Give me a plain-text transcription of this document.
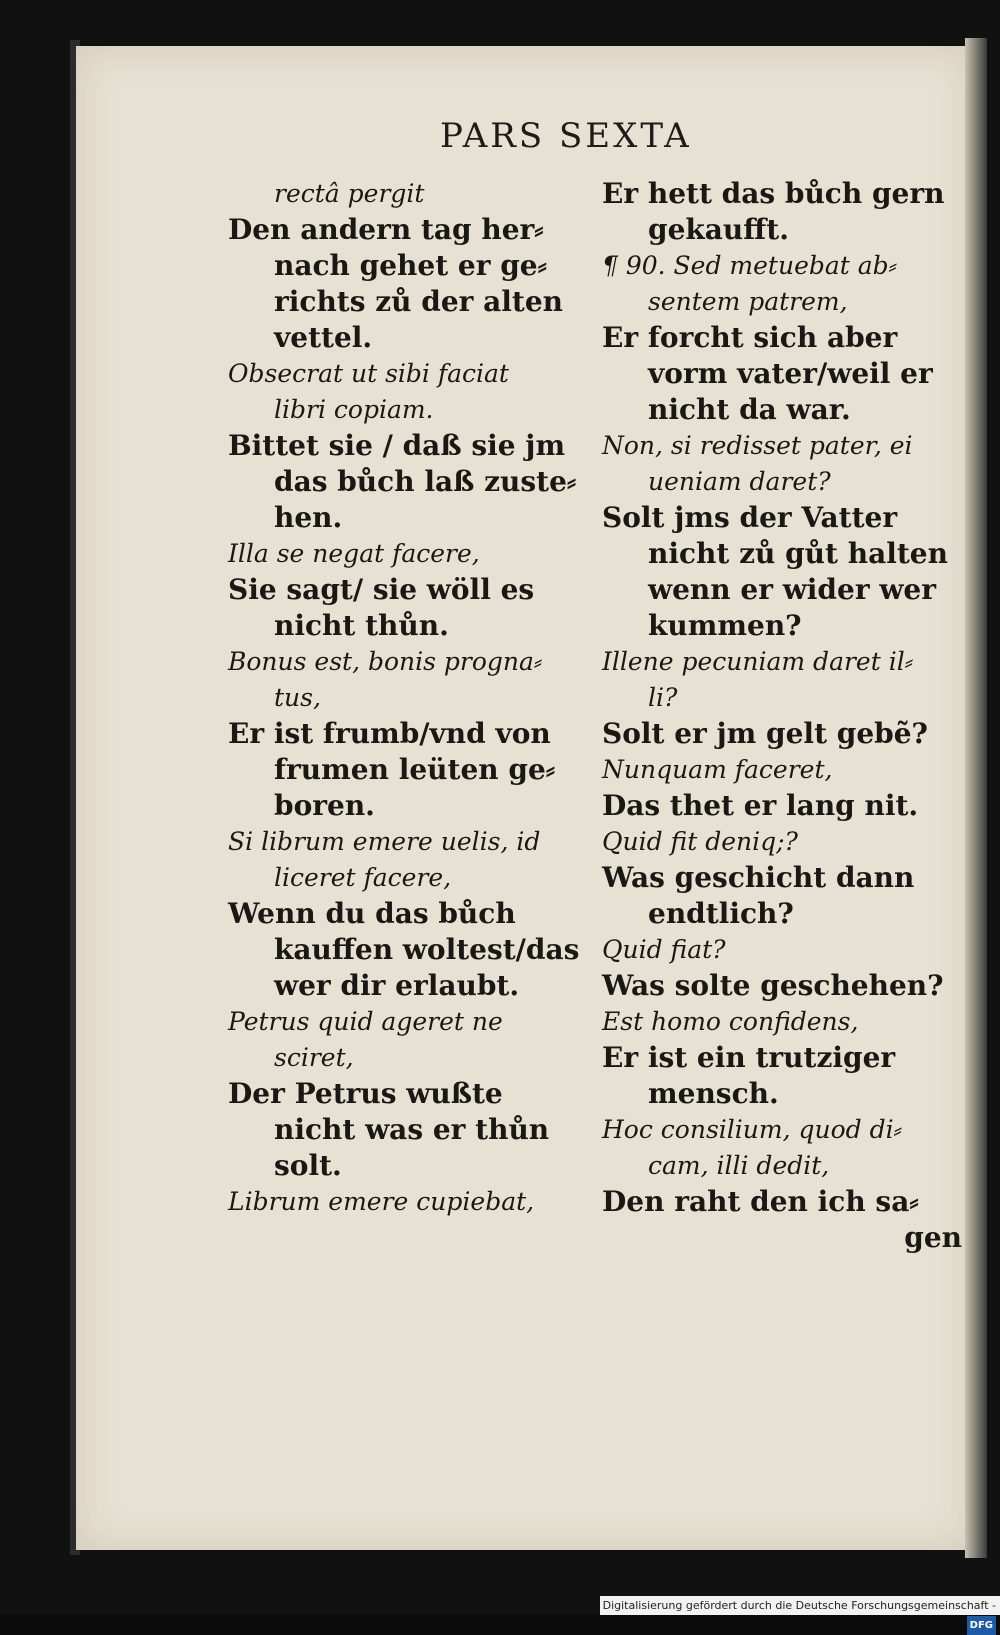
PARS SEXTA
rectâ pergit
Den andern tag her⸗
nach gehet er ge⸗
richts zů der alten
vettel.
Obsecrat ut sibi faciat
libri copiam.
Bittet sie / daß sie jm
das bůch laß zuste⸗
hen.
Illa se negat facere,
Sie sagt/ sie wöll es
nicht thůn.
Bonus est, bonis progna⸗
tus,
Er ist frumb/vnd von
frumen leüten ge⸗
boren.
Si librum emere uelis, id
liceret facere,
Wenn du das bůch
kauffen woltest/das
wer dir erlaubt.
Petrus quid ageret ne
sciret,
Der Petrus wußte
nicht was er thůn
solt.
Librum emere cupiebat,
Er hett das bůch gern
gekaufft.
¶ 90. Sed metuebat ab⸗
sentem patrem,
Er forcht sich aber
vorm vater/weil er
nicht da war.
Non, si redisset pater, ei
ueniam daret?
Solt jms der Vatter
nicht zů gůt halten
wenn er wider wer
kummen?
Illene pecuniam daret il⸗
li?
Solt er jm gelt gebẽ?
Nunquam faceret,
Das thet er lang nit.
Quid fit deniq;?
Was geschicht dann
endtlich?
Quid fiat?
Was solte geschehen?
Est homo confidens,
Er ist ein trutziger
mensch.
Hoc consilium, quod di⸗
cam, illi dedit,
Den raht den ich sa⸗
gen
Digitalisierung gefördert durch die Deutsche Forschungsgemeinschaft -DFG
